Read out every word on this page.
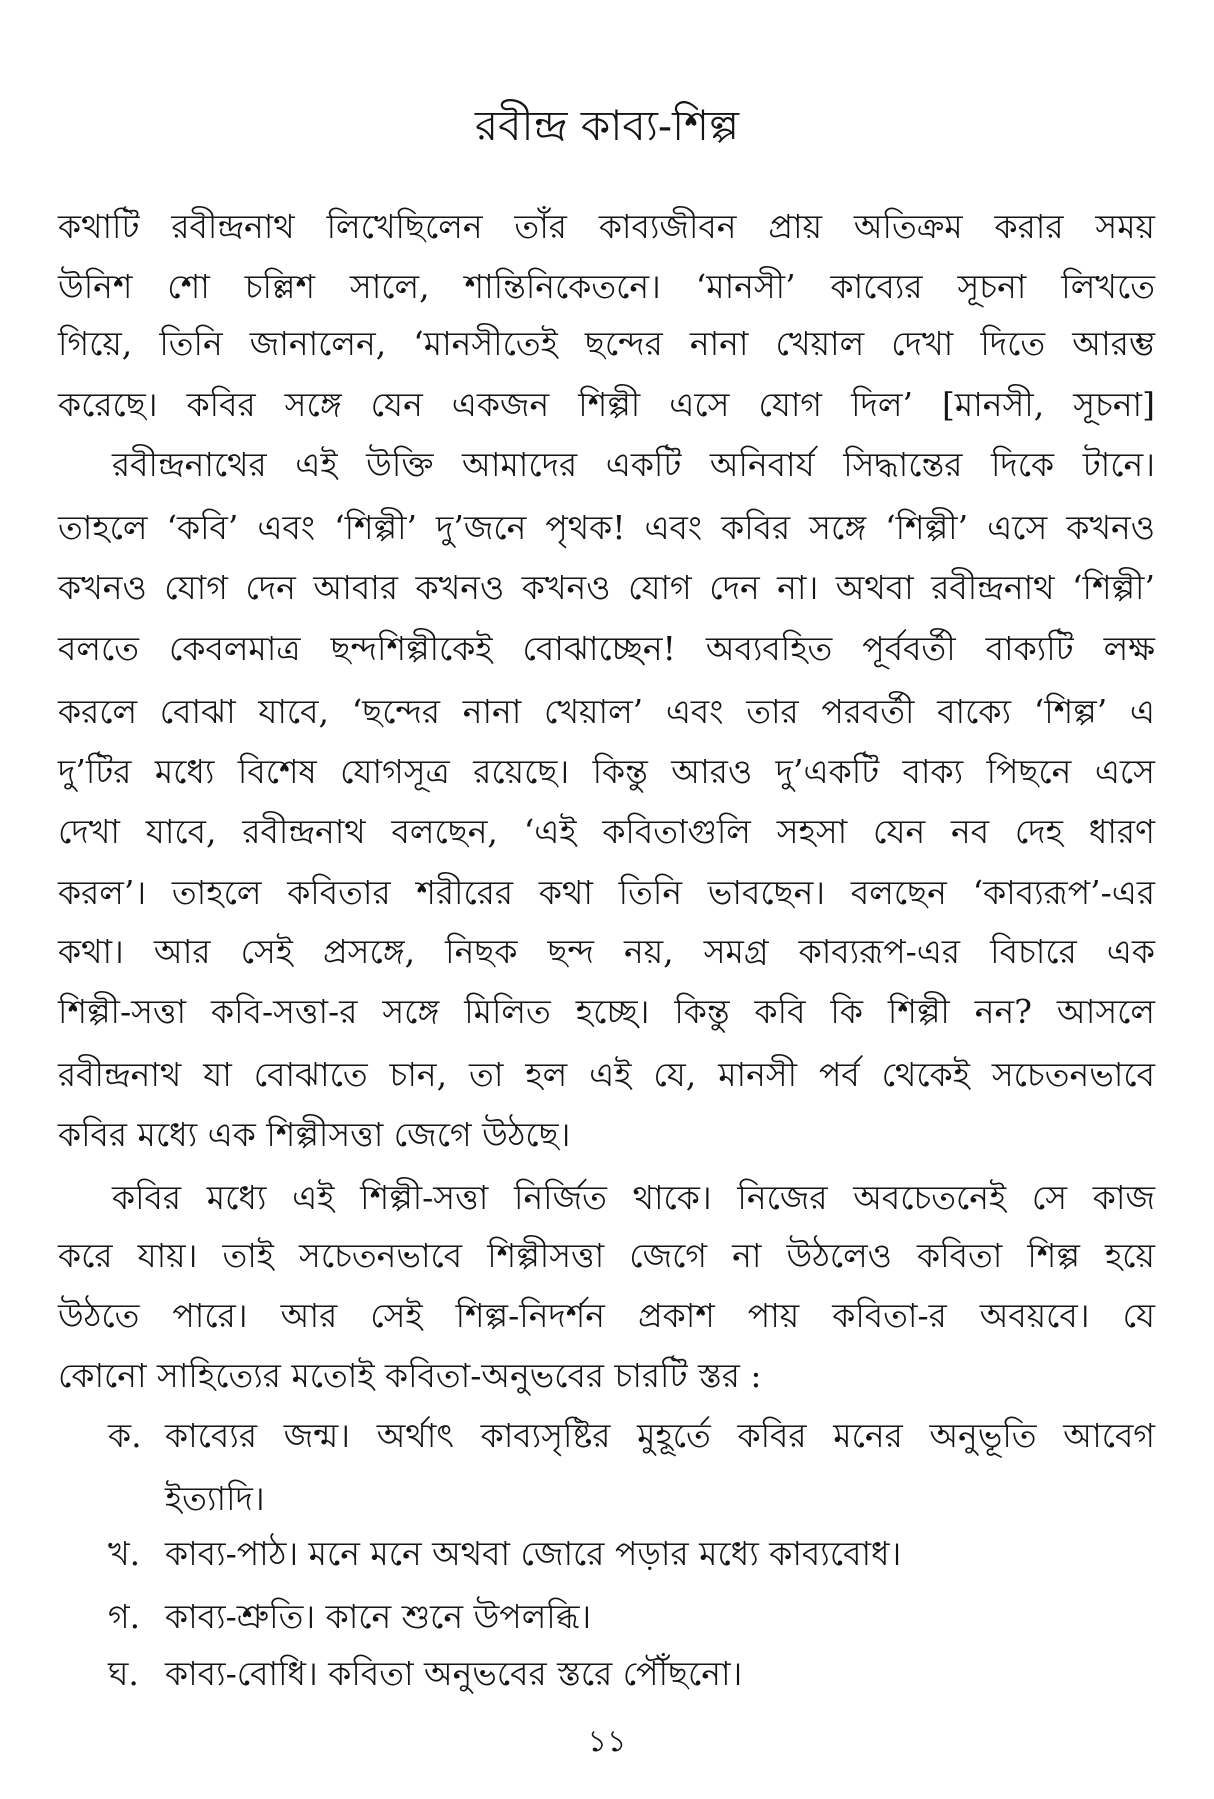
রবীন্দ্র কাব্য-শিল্প
কথাটি রবীন্দ্রনাথ লিখেছিলেন তাঁর কাব্যজীবন প্রায় অতিক্রম করার সময়
উনিশ শো চল্লিশ সালে, শান্তিনিকেতনে। ‘মানসী’ কাব্যের সূচনা লিখতে
গিয়ে, তিনি জানালেন, ‘মানসীতেই ছন্দের নানা খেয়াল দেখা দিতে আরম্ভ
করেছে। কবির সঙ্গে যেন একজন শিল্পী এসে যোগ দিল’ [মানসী, সূচনা]
রবীন্দ্রনাথের এই উক্তি আমাদের একটি অনিবার্য সিদ্ধান্তের দিকে টানে।
তাহলে ‘কবি’ এবং ‘শিল্পী’ দু’জনে পৃথক! এবং কবির সঙ্গে ‘শিল্পী’ এসে কখনও
কখনও যোগ দেন আবার কখনও কখনও যোগ দেন না। অথবা রবীন্দ্রনাথ ‘শিল্পী’
বলতে কেবলমাত্র ছন্দশিল্পীকেই বোঝাচ্ছেন! অব্যবহিত পূর্ববর্তী বাক্যটি লক্ষ
করলে বোঝা যাবে, ‘ছন্দের নানা খেয়াল’ এবং তার পরবর্তী বাক্যে ‘শিল্প’ এ
দু’টির মধ্যে বিশেষ যোগসূত্র রয়েছে। কিন্তু আরও দু’একটি বাক্য পিছনে এসে
দেখা যাবে, রবীন্দ্রনাথ বলছেন, ‘এই কবিতাগুলি সহসা যেন নব দেহ ধারণ
করল’। তাহলে কবিতার শরীরের কথা তিনি ভাবছেন। বলছেন ‘কাব্যরূপ’-এর
কথা। আর সেই প্রসঙ্গে, নিছক ছন্দ নয়, সমগ্র কাব্যরূপ-এর বিচারে এক
শিল্পী-সত্তা কবি-সত্তা-র সঙ্গে মিলিত হচ্ছে। কিন্তু কবি কি শিল্পী নন? আসলে
রবীন্দ্রনাথ যা বোঝাতে চান, তা হল এই যে, মানসী পর্ব থেকেই সচেতনভাবে
কবির মধ্যে এক শিল্পীসত্তা জেগে উঠছে।
কবির মধ্যে এই শিল্পী-সত্তা নির্জিত থাকে। নিজের অবচেতনেই সে কাজ
করে যায়। তাই সচেতনভাবে শিল্পীসত্তা জেগে না উঠলেও কবিতা শিল্প হয়ে
উঠতে পারে। আর সেই শিল্প-নিদর্শন প্রকাশ পায় কবিতা-র অবয়বে। যে
কোনো সাহিত্যের মতোই কবিতা-অনুভবের চারটি স্তর :
ক. কাব্যের জন্ম। অর্থাৎ কাব্যসৃষ্টির মুহূর্তে কবির মনের অনুভূতি আবেগ
ইত্যাদি।
খ. কাব্য-পাঠ। মনে মনে অথবা জোরে পড়ার মধ্যে কাব্যবোধ।
গ. কাব্য-শ্রুতি। কানে শুনে উপলব্ধি।
ঘ. কাব্য-বোধি। কবিতা অনুভবের স্তরে পৌঁছনো।
১১
